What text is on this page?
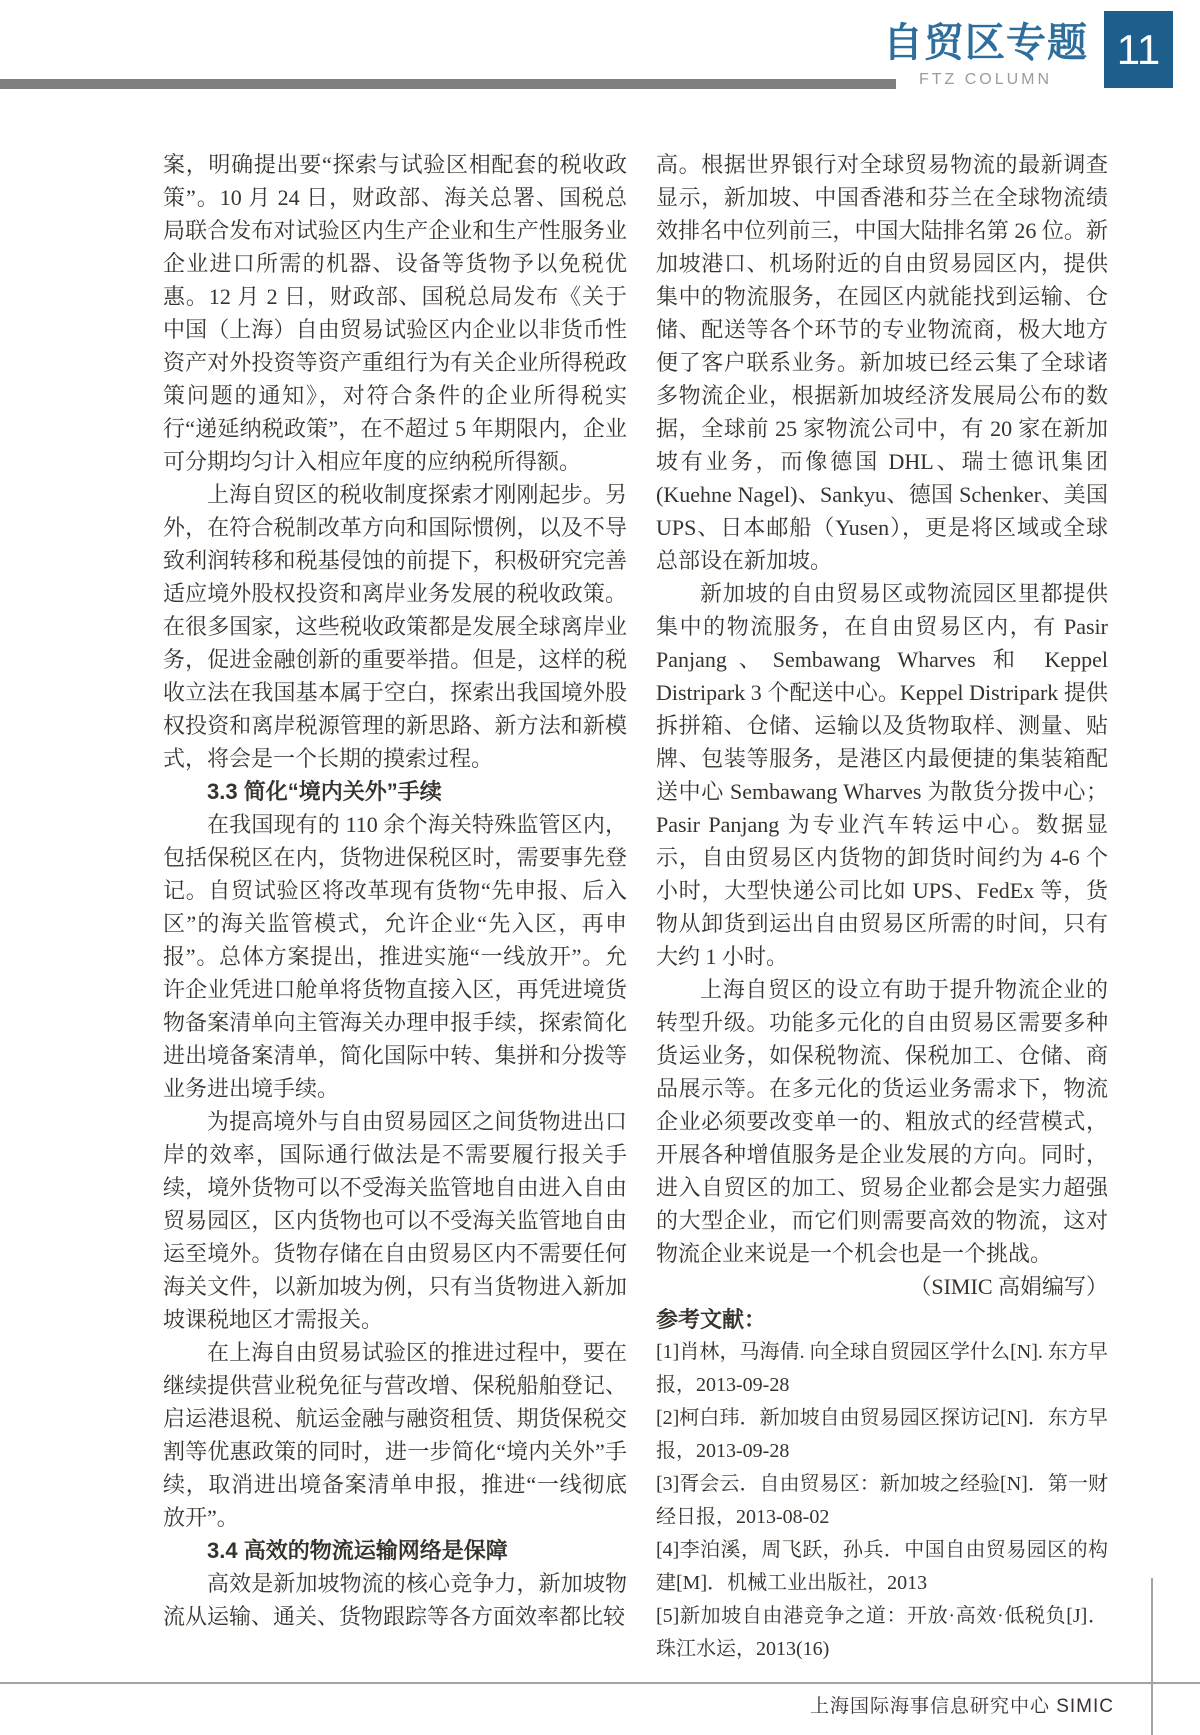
自贸区专题
FTZ COLUMN
11

案，明确提出要“探索与试验区相配套的税收政策”。10 月 24 日，财政部、海关总署、国税总局联合发布对试验区内生产企业和生产性服务业企业进口所需的机器、设备等货物予以免税优惠。12 月 2 日，财政部、国税总局发布《关于中国（上海）自由贸易试验区内企业以非货币性资产对外投资等资产重组行为有关企业所得税政策问题的通知》，对符合条件的企业所得税实行“递延纳税政策”，在不超过 5 年期限内，企业可分期均匀计入相应年度的应纳税所得额。

上海自贸区的税收制度探索才刚刚起步。另外，在符合税制改革方向和国际惯例，以及不导致利润转移和税基侵蚀的前提下，积极研究完善适应境外股权投资和离岸业务发展的税收政策。在很多国家，这些税收政策都是发展全球离岸业务，促进金融创新的重要举措。但是，这样的税收立法在我国基本属于空白，探索出我国境外股权投资和离岸税源管理的新思路、新方法和新模式，将会是一个长期的摸索过程。

3.3 简化“境内关外”手续

在我国现有的 110 余个海关特殊监管区内，包括保税区在内，货物进保税区时，需要事先登记。自贸试验区将改革现有货物“先申报、后入区”的海关监管模式，允许企业“先入区，再申报”。总体方案提出，推进实施“一线放开”。允许企业凭进口舱单将货物直接入区，再凭进境货物备案清单向主管海关办理申报手续，探索简化进出境备案清单，简化国际中转、集拼和分拨等业务进出境手续。

为提高境外与自由贸易园区之间货物进出口岸的效率，国际通行做法是不需要履行报关手续，境外货物可以不受海关监管地自由进入自由贸易园区，区内货物也可以不受海关监管地自由运至境外。货物存储在自由贸易区内不需要任何海关文件，以新加坡为例，只有当货物进入新加坡课税地区才需报关。

在上海自由贸易试验区的推进过程中，要在继续提供营业税免征与营改增、保税船舶登记、启运港退税、航运金融与融资租赁、期货保税交割等优惠政策的同时，进一步简化“境内关外”手续，取消进出境备案清单申报，推进“一线彻底放开”。

3.4 高效的物流运输网络是保障

高效是新加坡物流的核心竞争力，新加坡物流从运输、通关、货物跟踪等各方面效率都比较

高。根据世界银行对全球贸易物流的最新调查显示，新加坡、中国香港和芬兰在全球物流绩效排名中位列前三，中国大陆排名第 26 位。新加坡港口、机场附近的自由贸易园区内，提供集中的物流服务，在园区内就能找到运输、仓储、配送等各个环节的专业物流商，极大地方便了客户联系业务。新加坡已经云集了全球诸多物流企业，根据新加坡经济发展局公布的数据，全球前 25 家物流公司中，有 20 家在新加坡有业务，而像德国 DHL、瑞士德讯集团(Kuehne Nagel)、Sankyu、德国 Schenker、美国 UPS、日本邮船（Yusen），更是将区域或全球总部设在新加坡。

新加坡的自由贸易区或物流园区里都提供集中的物流服务，在自由贸易区内，有 Pasir Panjang、Sembawang Wharves 和 Keppel Distripark 3 个配送中心。Keppel Distripark 提供拆拼箱、仓储、运输以及货物取样、测量、贴牌、包装等服务，是港区内最便捷的集装箱配送中心 Sembawang Wharves 为散货分拨中心；Pasir Panjang 为专业汽车转运中心。数据显示，自由贸易区内货物的卸货时间约为 4-6 个小时，大型快递公司比如 UPS、FedEx 等，货物从卸货到运出自由贸易区所需的时间，只有大约 1 小时。

上海自贸区的设立有助于提升物流企业的转型升级。功能多元化的自由贸易区需要多种货运业务，如保税物流、保税加工、仓储、商品展示等。在多元化的货运业务需求下，物流企业必须要改变单一的、粗放式的经营模式，开展各种增值服务是企业发展的方向。同时，进入自贸区的加工、贸易企业都会是实力超强的大型企业，而它们则需要高效的物流，这对物流企业来说是一个机会也是一个挑战。

（SIMIC 高娟编写）

参考文献：

[1]肖林，马海倩. 向全球自贸园区学什么[N]. 东方早报，2013-09-28

[2]柯白玮．新加坡自由贸易园区探访记[N]．东方早报，2013-09-28

[3]胥会云．自由贸易区：新加坡之经验[N]．第一财经日报，2013-08-02

[4]李泊溪，周飞跃，孙兵．中国自由贸易园区的构建[M]．机械工业出版社，2013

[5]新加坡自由港竞争之道：开放·高效·低税负[J]．珠江水运，2013(16)

上海国际海事信息研究中心 SIMIC
